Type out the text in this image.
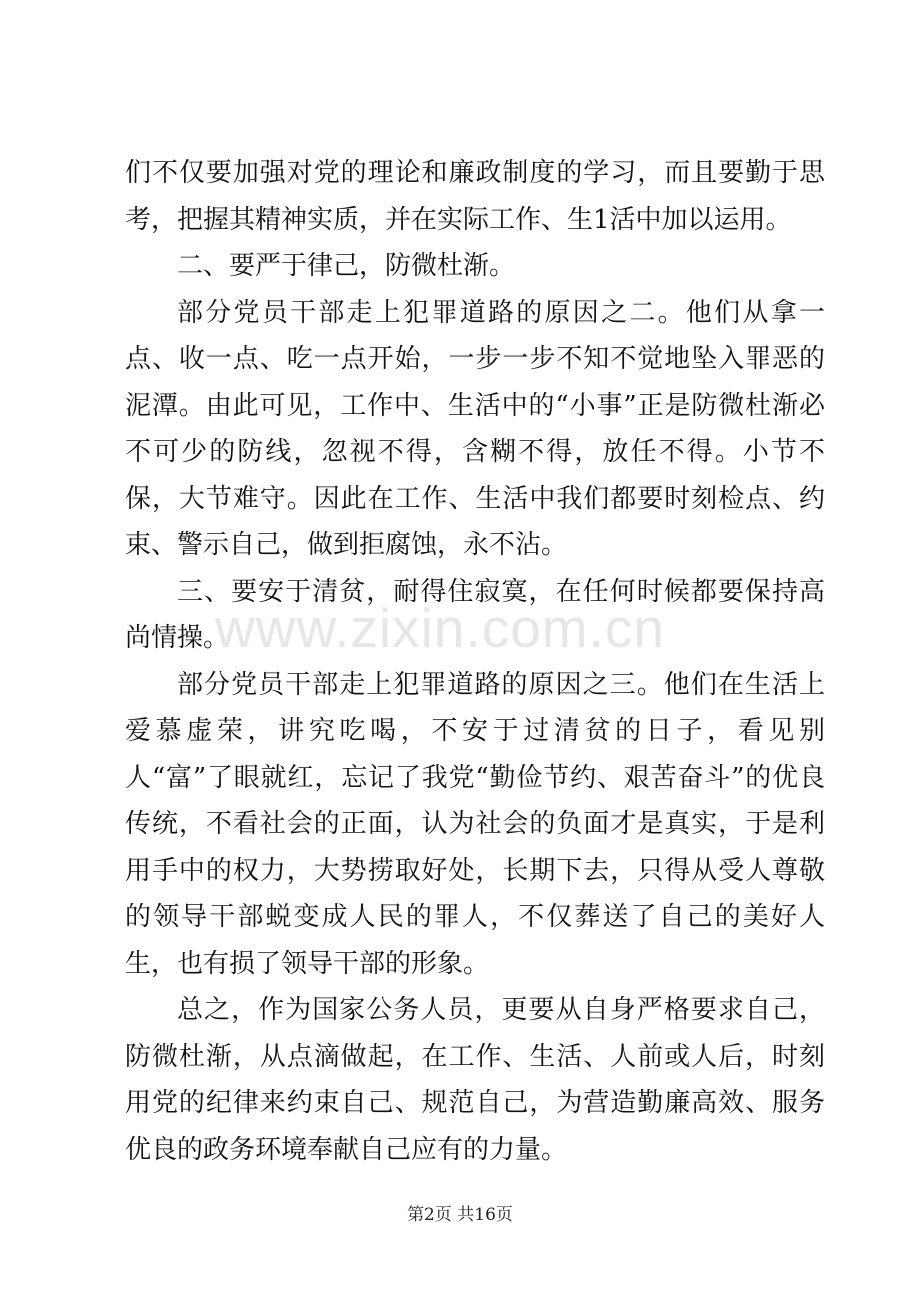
们不仅要加强对党的理论和廉政制度的学习，而且要勤于思考，把握其精神实质，并在实际工作、生1活中加以运用。

二、要严于律己，防微杜渐。

部分党员干部走上犯罪道路的原因之二。他们从拿一点、收一点、吃一点开始，一步一步不知不觉地坠入罪恶的泥潭。由此可见，工作中、生活中的“小事”正是防微杜渐必不可少的防线，忽视不得，含糊不得，放任不得。小节不保，大节难守。因此在工作、生活中我们都要时刻检点、约束、警示自己，做到拒腐蚀，永不沾。

三、要安于清贫，耐得住寂寞，在任何时候都要保持高尚情操。

部分党员干部走上犯罪道路的原因之三。他们在生活上爱慕虚荣，讲究吃喝，不安于过清贫的日子，看见别人“富”了眼就红，忘记了我党“勤俭节约、艰苦奋斗”的优良传统，不看社会的正面，认为社会的负面才是真实，于是利用手中的权力，大势捞取好处，长期下去，只得从受人尊敬的领导干部蜕变成人民的罪人，不仅葬送了自己的美好人生，也有损了领导干部的形象。

总之，作为国家公务人员，更要从自身严格要求自己，防微杜渐，从点滴做起，在工作、生活、人前或人后，时刻用党的纪律来约束自己、规范自己，为营造勤廉高效、服务优良的政务环境奉献自己应有的力量。

www.zixin.com.cn
第2页 共16页
